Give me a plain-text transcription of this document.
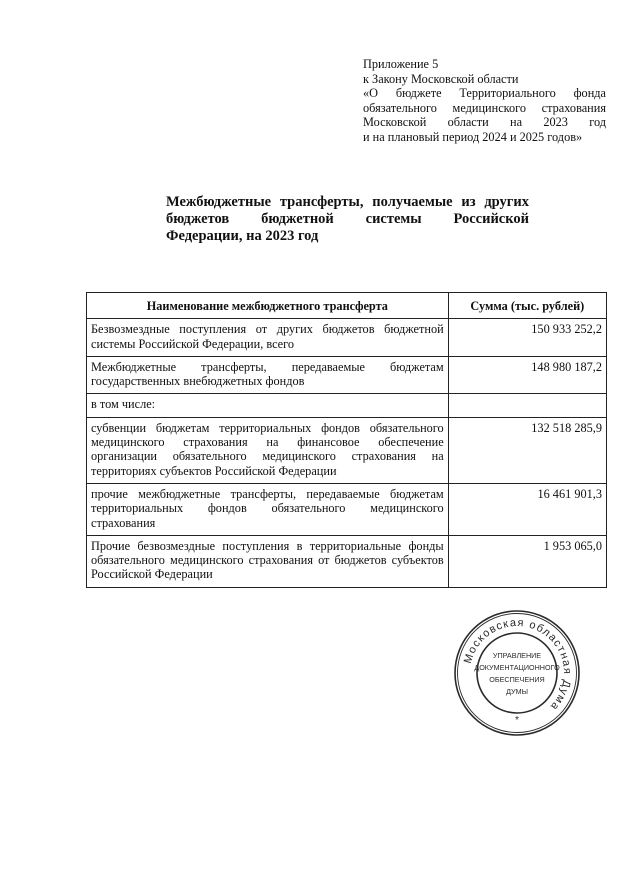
Приложение 5
к Закону Московской области
«О бюджете Территориального фонда
обязательного медицинского страхования
Московской области на 2023 год
и на плановый период 2024 и 2025 годов»
Межбюджетные трансферты, получаемые из других
бюджетов бюджетной системы Российской
Федерации, на 2023 год
Наименование межбюджетного трансферта	Сумма (тыс. рублей)
Безвозмездные поступления от других бюджетов бюджетной системы Российской Федерации, всего	150 933 252,2
Межбюджетные трансферты, передаваемые бюджетам государственных внебюджетных фондов	148 980 187,2
в том числе:	
субвенции бюджетам территориальных фондов обязательного медицинского страхования на финансовое обеспечение организации обязательного медицинского страхования на территориях субъектов Российской Федерации	132 518 285,9
прочие межбюджетные трансферты, передаваемые бюджетам территориальных фондов обязательного медицинского страхования	16 461 901,3
Прочие безвозмездные поступления в территориальные фонды обязательного медицинского страхования от бюджетов субъектов Российской Федерации	1 953 065,0
Московская областная Дума
*
УПРАВЛЕНИЕ
ДОКУМЕНТАЦИОННОГО
ОБЕСПЕЧЕНИЯ
ДУМЫ
